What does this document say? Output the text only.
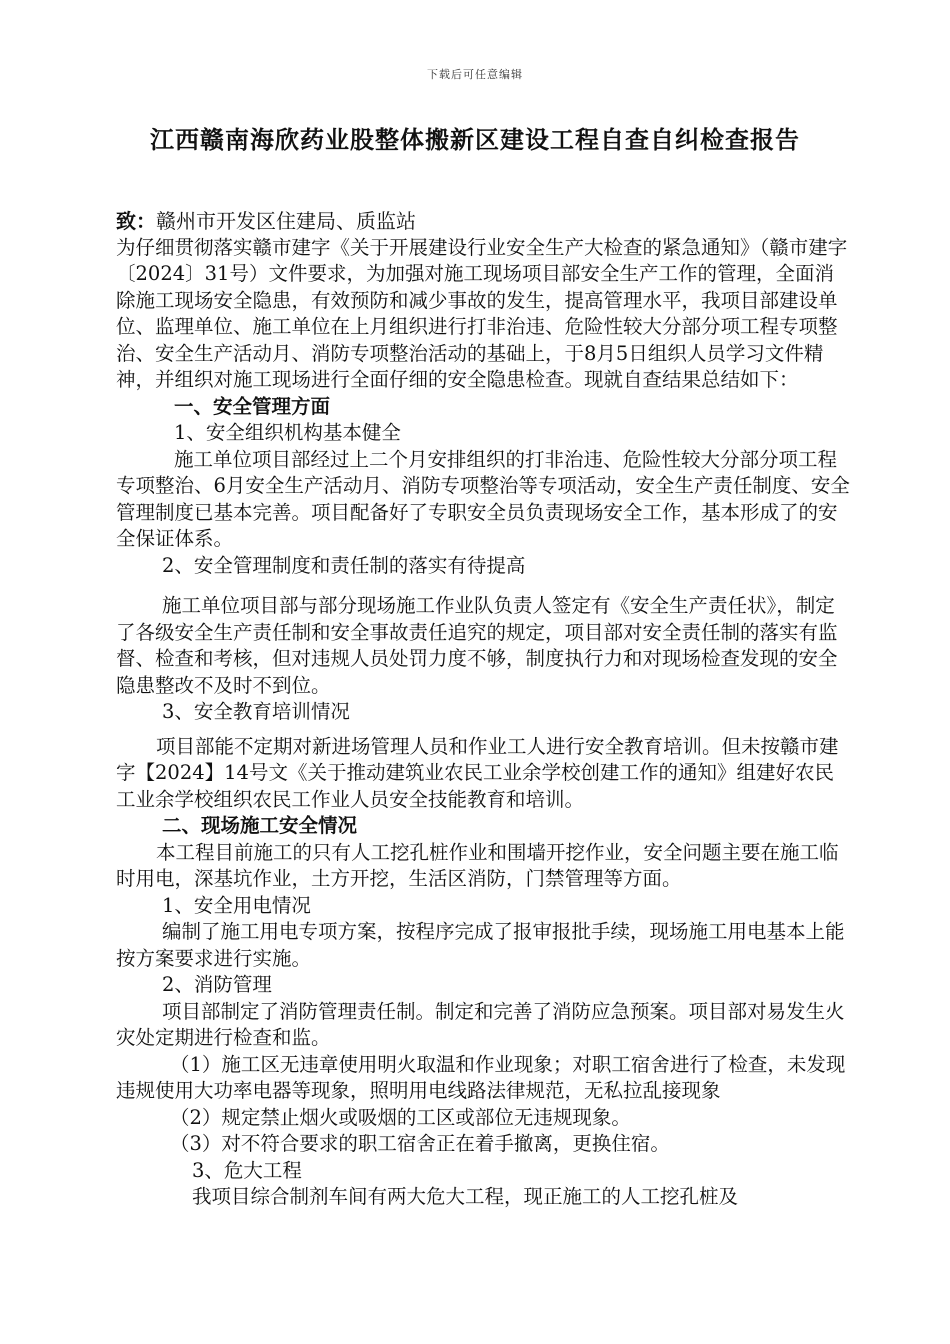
下载后可任意编辑
江西赣南海欣药业股整体搬新区建设工程自查自纠检查报告

致：赣州市开发区住建局、质监站

为仔细贯彻落实赣市建字《关于开展建设行业安全生产大检查的紧急通知》（赣市建字〔2024〕31号）文件要求，为加强对施工现场项目部安全生产工作的管理，全面消除施工现场安全隐患，有效预防和减少事故的发生，提高管理水平，我项目部建设单位、监理单位、施工单位在上月组织进行打非治违、危险性较大分部分项工程专项整治、安全生产活动月、消防专项整治活动的基础上，于8月5日组织人员学习文件精神，并组织对施工现场进行全面仔细的安全隐患检查。现就自查结果总结如下：

一、安全管理方面

1、安全组织机构基本健全

施工单位项目部经过上二个月安排组织的打非治违、危险性较大分部分项工程专项整治、6月安全生产活动月、消防专项整治等专项活动，安全生产责任制度、安全管理制度已基本完善。项目配备好了专职安全员负责现场安全工作，基本形成了的安全保证体系。

2、安全管理制度和责任制的落实有待提高

施工单位项目部与部分现场施工作业队负责人签定有《安全生产责任状》，制定了各级安全生产责任制和安全事故责任追究的规定，项目部对安全责任制的落实有监督、检查和考核，但对违规人员处罚力度不够，制度执行力和对现场检查发现的安全隐患整改不及时不到位。

3、安全教育培训情况

项目部能不定期对新进场管理人员和作业工人进行安全教育培训。但未按赣市建字【2024】14号文《关于推动建筑业农民工业余学校创建工作的通知》组建好农民工业余学校组织农民工作业人员安全技能教育和培训。

二、现场施工安全情况

本工程目前施工的只有人工挖孔桩作业和围墙开挖作业，安全问题主要在施工临时用电，深基坑作业，土方开挖，生活区消防，门禁管理等方面。

1、安全用电情况

编制了施工用电专项方案，按程序完成了报审报批手续，现场施工用电基本上能按方案要求进行实施。

2、消防管理

项目部制定了消防管理责任制。制定和完善了消防应急预案。项目部对易发生火灾处定期进行检查和监。

（1）施工区无违章使用明火取温和作业现象；对职工宿舍进行了检查，未发现违规使用大功率电器等现象，照明用电线路法律规范，无私拉乱接现象

（2）规定禁止烟火或吸烟的工区或部位无违规现象。

（3）对不符合要求的职工宿舍正在着手撤离，更换住宿。

3、危大工程

我项目综合制剂车间有两大危大工程，现正施工的人工挖孔桩及
